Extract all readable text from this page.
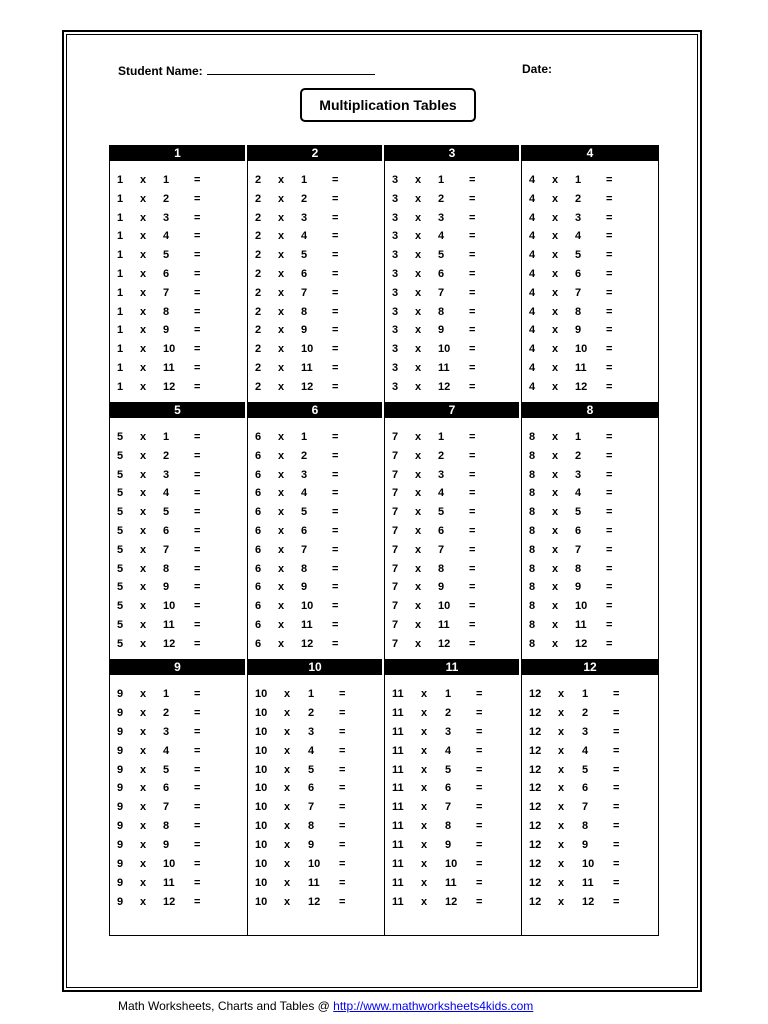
Student Name:	Date:
Multiplication Tables
1
1 x 1 =
1 x 2 =
1 x 3 =
1 x 4 =
1 x 5 =
1 x 6 =
1 x 7 =
1 x 8 =
1 x 9 =
1 x 10 =
1 x 11 =
1 x 12 =
2
2 x 1 =
2 x 2 =
2 x 3 =
2 x 4 =
2 x 5 =
2 x 6 =
2 x 7 =
2 x 8 =
2 x 9 =
2 x 10 =
2 x 11 =
2 x 12 =
3
3 x 1 =
3 x 2 =
3 x 3 =
3 x 4 =
3 x 5 =
3 x 6 =
3 x 7 =
3 x 8 =
3 x 9 =
3 x 10 =
3 x 11 =
3 x 12 =
4
4 x 1 =
4 x 2 =
4 x 3 =
4 x 4 =
4 x 5 =
4 x 6 =
4 x 7 =
4 x 8 =
4 x 9 =
4 x 10 =
4 x 11 =
4 x 12 =
5
5 x 1 =
5 x 2 =
5 x 3 =
5 x 4 =
5 x 5 =
5 x 6 =
5 x 7 =
5 x 8 =
5 x 9 =
5 x 10 =
5 x 11 =
5 x 12 =
6
6 x 1 =
6 x 2 =
6 x 3 =
6 x 4 =
6 x 5 =
6 x 6 =
6 x 7 =
6 x 8 =
6 x 9 =
6 x 10 =
6 x 11 =
6 x 12 =
7
7 x 1 =
7 x 2 =
7 x 3 =
7 x 4 =
7 x 5 =
7 x 6 =
7 x 7 =
7 x 8 =
7 x 9 =
7 x 10 =
7 x 11 =
7 x 12 =
8
8 x 1 =
8 x 2 =
8 x 3 =
8 x 4 =
8 x 5 =
8 x 6 =
8 x 7 =
8 x 8 =
8 x 9 =
8 x 10 =
8 x 11 =
8 x 12 =
9
9 x 1 =
9 x 2 =
9 x 3 =
9 x 4 =
9 x 5 =
9 x 6 =
9 x 7 =
9 x 8 =
9 x 9 =
9 x 10 =
9 x 11 =
9 x 12 =
10
10 x 1 =
10 x 2 =
10 x 3 =
10 x 4 =
10 x 5 =
10 x 6 =
10 x 7 =
10 x 8 =
10 x 9 =
10 x 10 =
10 x 11 =
10 x 12 =
11
11 x 1 =
11 x 2 =
11 x 3 =
11 x 4 =
11 x 5 =
11 x 6 =
11 x 7 =
11 x 8 =
11 x 9 =
11 x 10 =
11 x 11 =
11 x 12 =
12
12 x 1 =
12 x 2 =
12 x 3 =
12 x 4 =
12 x 5 =
12 x 6 =
12 x 7 =
12 x 8 =
12 x 9 =
12 x 10 =
12 x 11 =
12 x 12 =
Math Worksheets, Charts and Tables @ http://www.mathworksheets4kids.com
